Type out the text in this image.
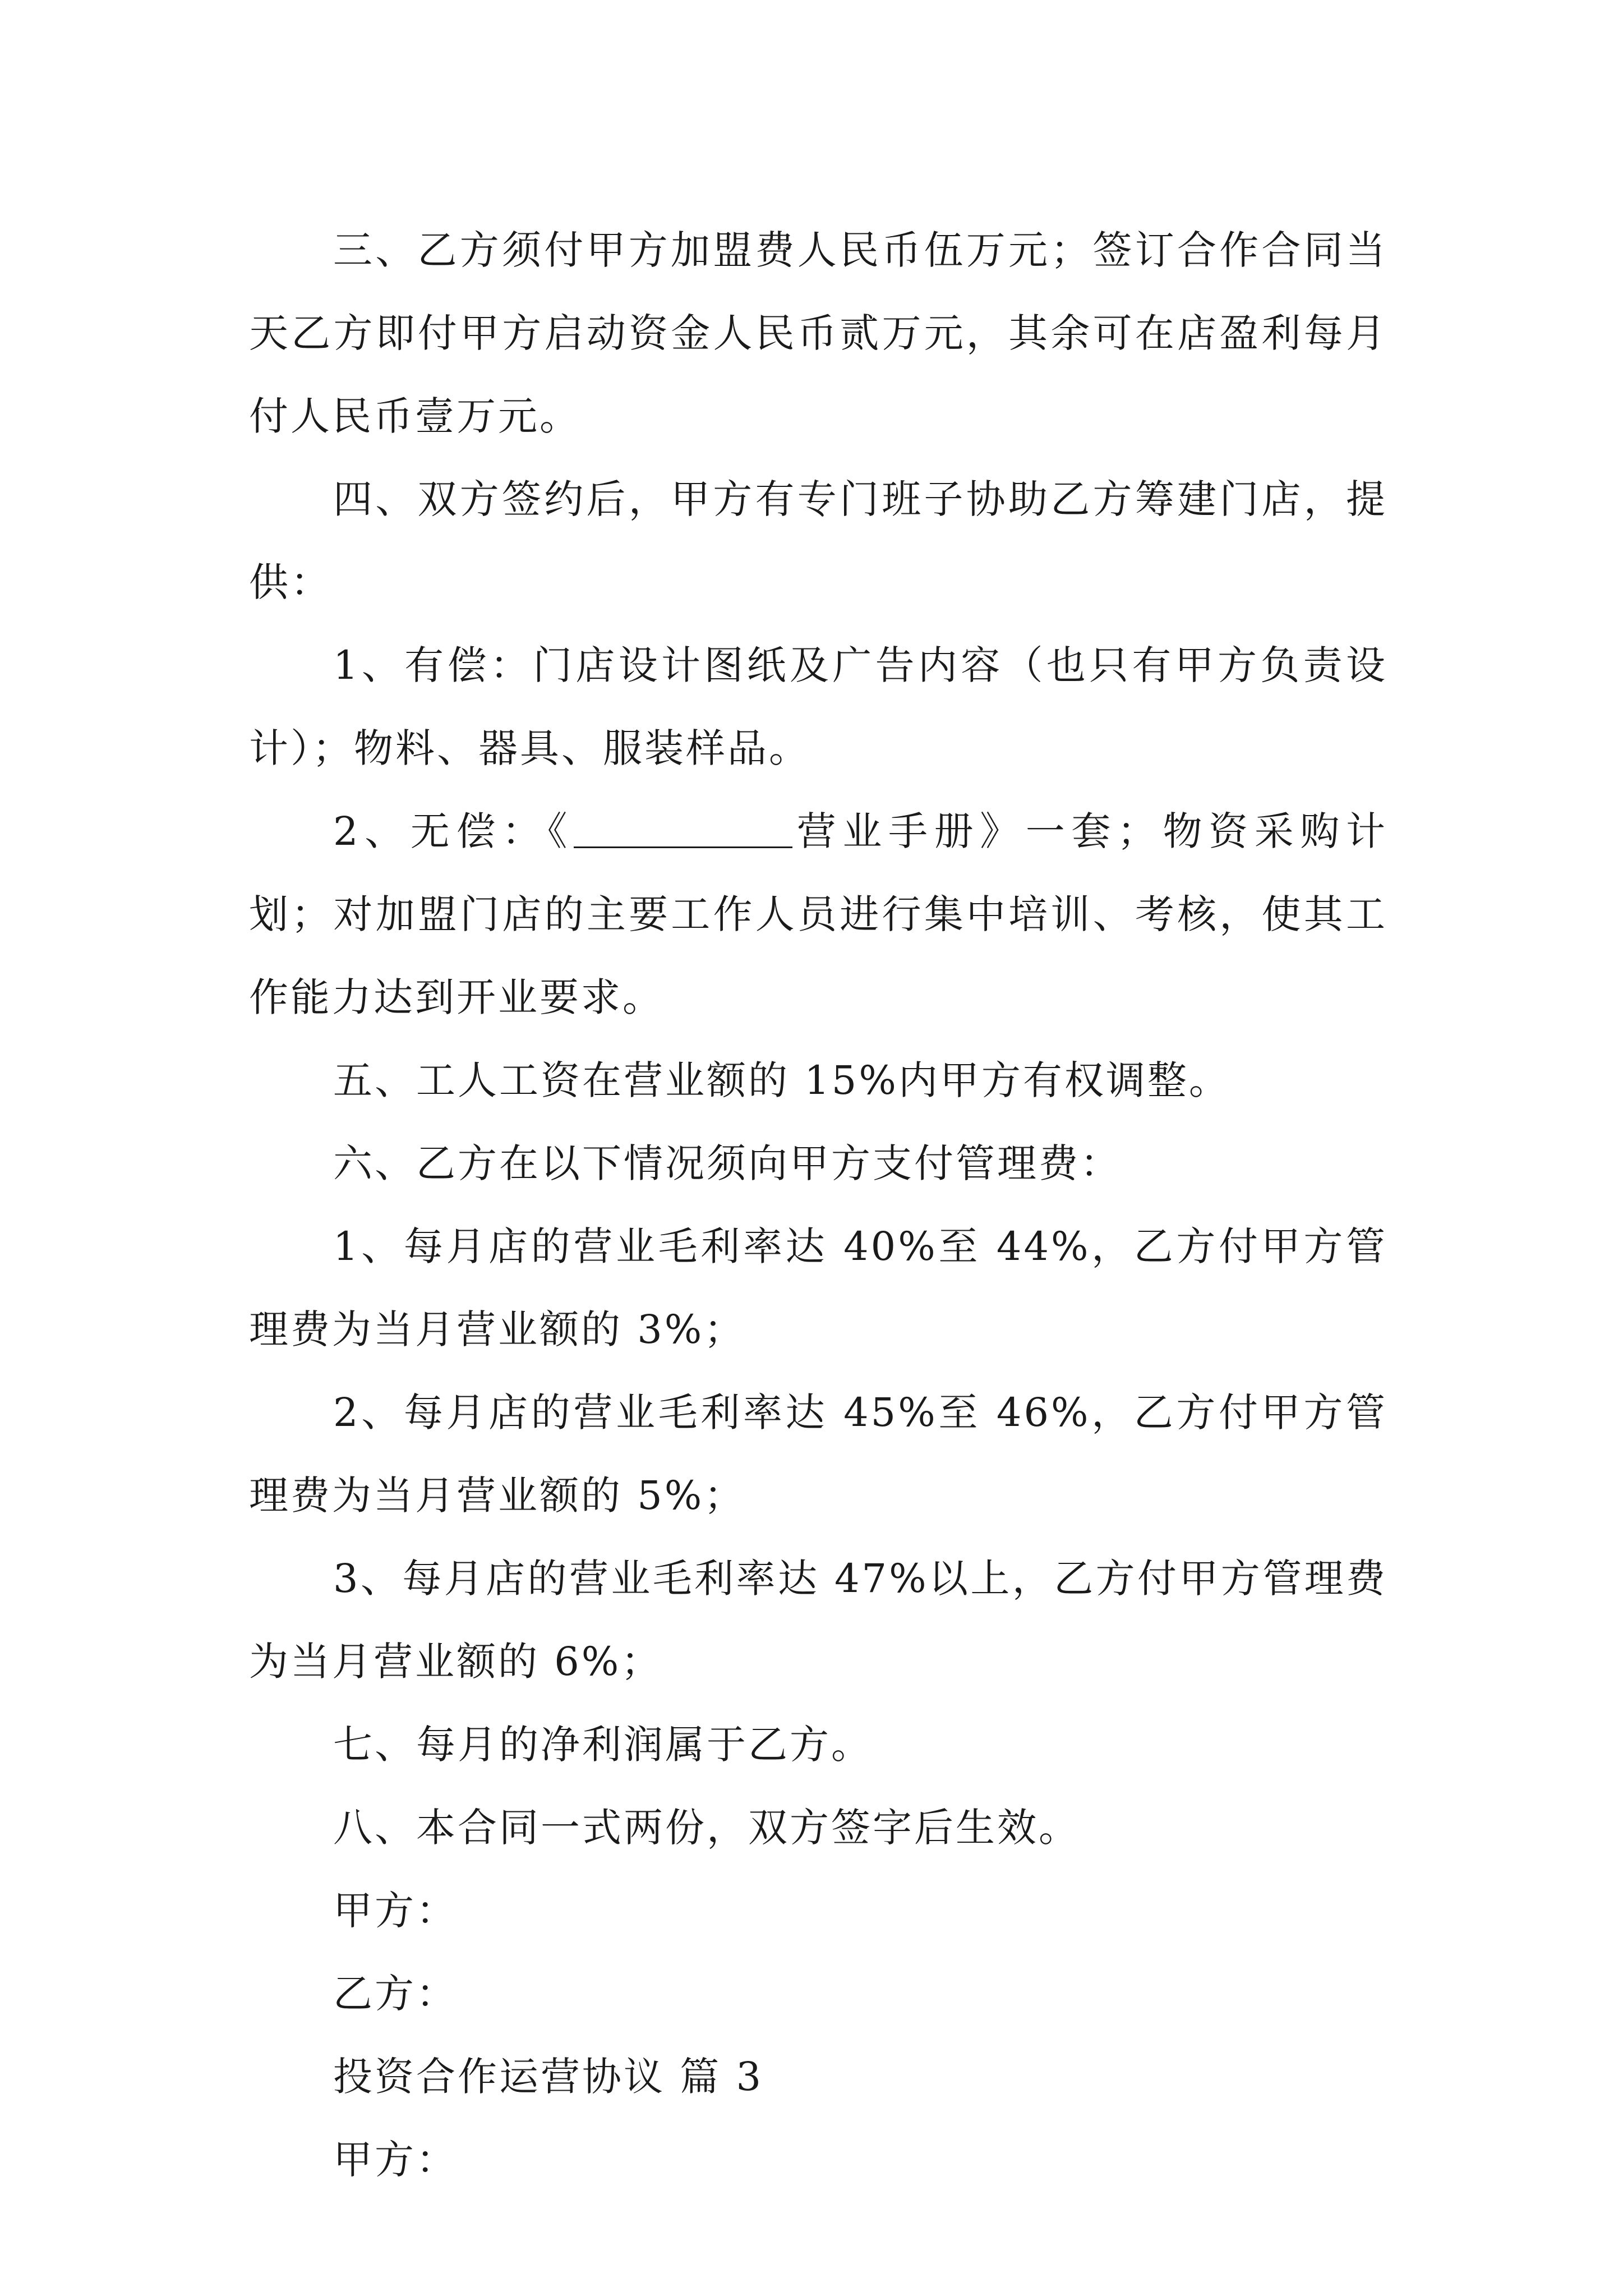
三、乙方须付甲方加盟费人民币伍万元；签订合作合同当天乙方即付甲方启动资金人民币贰万元，其余可在店盈利每月付人民币壹万元。

四、双方签约后，甲方有专门班子协助乙方筹建门店，提供：

1、有偿：门店设计图纸及广告内容（也只有甲方负责设计）；物料、器具、服装样品。

2、无偿：《	营业手册》一套；物资采购计划；对加盟门店的主要工作人员进行集中培训、考核，使其工作能力达到开业要求。

五、工人工资在营业额的 15%内甲方有权调整。

六、乙方在以下情况须向甲方支付管理费：

1、每月店的营业毛利率达 40%至 44%，乙方付甲方管理费为当月营业额的 3%；

2、每月店的营业毛利率达 45%至 46%，乙方付甲方管理费为当月营业额的 5%；

3、每月店的营业毛利率达 47%以上，乙方付甲方管理费为当月营业额的 6%；

七、每月的净利润属于乙方。

八、本合同一式两份，双方签字后生效。

甲方：

乙方：

投资合作运营协议 篇 3

甲方：
